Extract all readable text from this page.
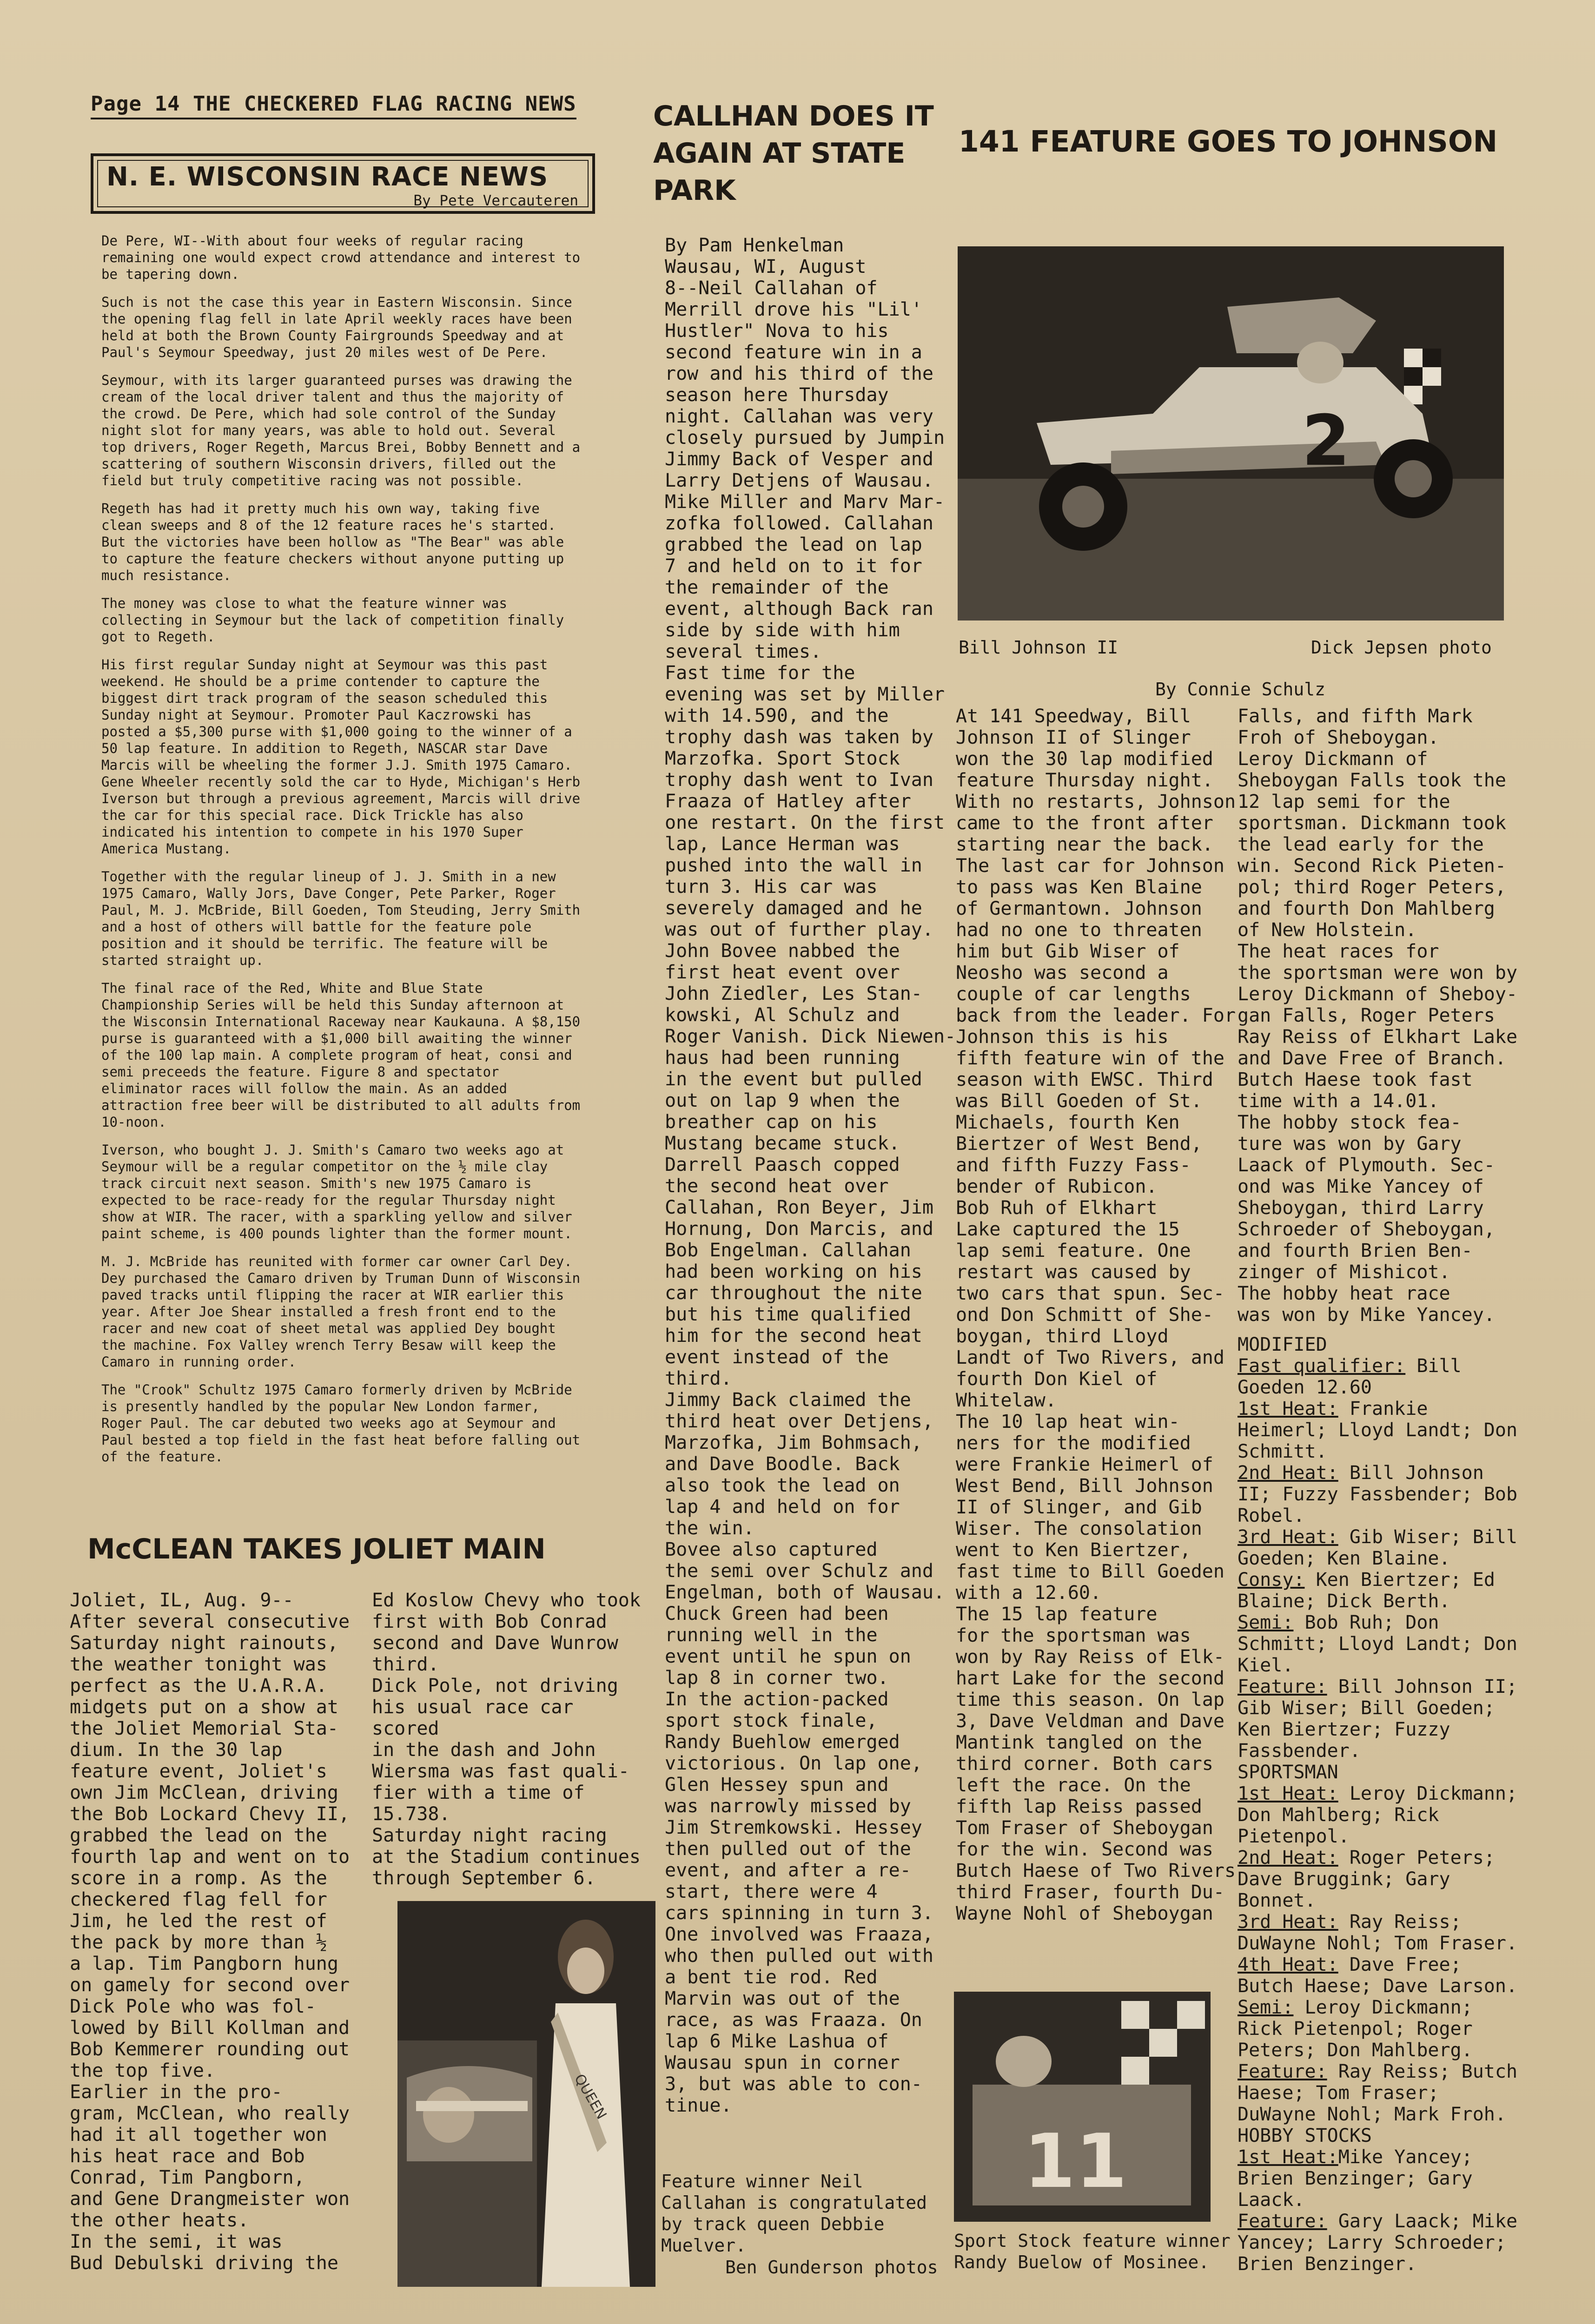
Page 14 THE CHECKERED FLAG RACING NEWS
N. E. WISCONSIN RACE NEWS
By Pete Vercauteren

De Pere, WI--With about four weeks of regular racing remaining one would expect crowd attendance and interest to be tapering down.

Such is not the case this year in Eastern Wisconsin. Since the opening flag fell in late April weekly races have been held at both the Brown County Fairgrounds Speedway and at Paul's Seymour Speedway, just 20 miles west of De Pere.

Seymour, with its larger guaranteed purses was drawing the cream of the local driver talent and thus the majority of the crowd. De Pere, which had sole control of the Sunday night slot for many years, was able to hold out. Several top drivers, Roger Regeth, Marcus Brei, Bobby Bennett and a scattering of southern Wisconsin drivers, filled out the field but truly competitive racing was not possible.

Regeth has had it pretty much his own way, taking five clean sweeps and 8 of the 12 feature races he's started. But the victories have been hollow as "The Bear" was able to capture the feature checkers without anyone putting up much resistance.

The money was close to what the feature winner was collecting in Seymour but the lack of competition finally got to Regeth.

His first regular Sunday night at Seymour was this past weekend. He should be a prime contender to capture the biggest dirt track program of the season scheduled this Sunday night at Seymour. Promoter Paul Kaczrowski has posted a $5,300 purse with $1,000 going to the winner of a 50 lap feature. In addition to Regeth, NASCAR star Dave Marcis will be wheeling the former J.J. Smith 1975 Camaro. Gene Wheeler recently sold the car to Hyde, Michigan's Herb Iverson but through a previous agreement, Marcis will drive the car for this special race. Dick Trickle has also indicated his intention to compete in his 1970 Super America Mustang.

Together with the regular lineup of J. J. Smith in a new 1975 Camaro, Wally Jors, Dave Conger, Pete Parker, Roger Paul, M. J. McBride, Bill Goeden, Tom Steuding, Jerry Smith and a host of others will battle for the feature pole position and it should be terrific. The feature will be started straight up.

The final race of the Red, White and Blue State Championship Series will be held this Sunday afternoon at the Wisconsin International Raceway near Kaukauna. A $8,150 purse is guaranteed with a $1,000 bill awaiting the winner of the 100 lap main. A complete program of heat, consi and semi preceeds the feature. Figure 8 and spectator eliminator races will follow the main. As an added attraction free beer will be distributed to all adults from 10-noon.

Iverson, who bought J. J. Smith's Camaro two weeks ago at Seymour will be a regular competitor on the ½ mile clay track circuit next season. Smith's new 1975 Camaro is expected to be race-ready for the regular Thursday night show at WIR. The racer, with a sparkling yellow and silver paint scheme, is 400 pounds lighter than the former mount.

M. J. McBride has reunited with former car owner Carl Dey. Dey purchased the Camaro driven by Truman Dunn of Wisconsin paved tracks until flipping the racer at WIR earlier this year. After Joe Shear installed a fresh front end to the racer and new coat of sheet metal was applied Dey bought the machine. Fox Valley wrench Terry Besaw will keep the Camaro in running order.

The "Crook" Schultz 1975 Camaro formerly driven by McBride is presently handled by the popular New London farmer, Roger Paul. The car debuted two weeks ago at Seymour and Paul bested a top field in the fast heat before falling out of the feature.

McCLEAN TAKES JOLIET MAIN
Joliet, IL, Aug. 9--
After several consecutive
Saturday night rainouts,
the weather tonight was
perfect as the U.A.R.A.
midgets put on a show at
the Joliet Memorial Sta-
dium. In the 30 lap
feature event, Joliet's
own Jim McClean, driving
the Bob Lockard Chevy II,
grabbed the lead on the
fourth lap and went on to
score in a romp. As the
checkered flag fell for
Jim, he led the rest of
the pack by more than ½
a lap. Tim Pangborn hung
on gamely for second over
Dick Pole who was fol-
lowed by Bill Kollman and
Bob Kemmerer rounding out
the top five.
Earlier in the pro-
gram, McClean, who really
had it all together won
his heat race and Bob
Conrad, Tim Pangborn,
and Gene Drangmeister won
the other heats.
In the semi, it was
Bud Debulski driving the
Ed Koslow Chevy who took
first with Bob Conrad
second and Dave Wunrow
third.
Dick Pole, not driving
his usual race car scored
in the dash and John
Wiersma was fast quali-
fier with a time of
15.738.
Saturday night racing
at the Stadium continues
through September 6.
QUEEN
CALLHAN DOES IT
AGAIN AT STATE
PARK
By Pam Henkelman
Wausau, WI, August
8--Neil Callahan of
Merrill drove his "Lil'
Hustler" Nova to his
second feature win in a
row and his third of the
season here Thursday
night. Callahan was very
closely pursued by Jumpin
Jimmy Back of Vesper and
Larry Detjens of Wausau.
Mike Miller and Marv Mar-
zofka followed. Callahan
grabbed the lead on lap
7 and held on to it for
the remainder of the
event, although Back ran
side by side with him
several times.
Fast time for the
evening was set by Miller
with 14.590, and the
trophy dash was taken by
Marzofka. Sport Stock
trophy dash went to Ivan
Fraaza of Hatley after
one restart. On the first
lap, Lance Herman was
pushed into the wall in
turn 3. His car was
severely damaged and he
was out of further play.
John Bovee nabbed the
first heat event over
John Ziedler, Les Stan-
kowski, Al Schulz and
Roger Vanish. Dick Niewen-
haus had been running
in the event but pulled
out on lap 9 when the
breather cap on his
Mustang became stuck.
Darrell Paasch copped
the second heat over
Callahan, Ron Beyer, Jim
Hornung, Don Marcis, and
Bob Engelman. Callahan
had been working on his
car throughout the nite
but his time qualified
him for the second heat
event instead of the
third.
Jimmy Back claimed the
third heat over Detjens,
Marzofka, Jim Bohmsach,
and Dave Boodle. Back
also took the lead on
lap 4 and held on for
the win.
Bovee also captured
the semi over Schulz and
Engelman, both of Wausau.
Chuck Green had been
running well in the
event until he spun on
lap 8 in corner two.
In the action-packed
sport stock finale,
Randy Buehlow emerged
victorious. On lap one,
Glen Hessey spun and
was narrowly missed by
Jim Stremkowski. Hessey
then pulled out of the
event, and after a re-
start, there were 4
cars spinning in turn 3.
One involved was Fraaza,
who then pulled out with
a bent tie rod. Red
Marvin was out of the
race, as was Fraaza. On
lap 6 Mike Lashua of
Wausau spun in corner
3, but was able to con-
tinue.
Feature winner Neil
Callahan is congratulated
by track queen Debbie
Muelver.
Ben Gunderson photos
141 FEATURE GOES TO JOHNSON
2
Bill Johnson II	Dick Jepsen photo
By Connie Schulz
At 141 Speedway, Bill
Johnson II of Slinger
won the 30 lap modified
feature Thursday night.
With no restarts, Johnson
came to the front after
starting near the back.
The last car for Johnson
to pass was Ken Blaine
of Germantown. Johnson
had no one to threaten
him but Gib Wiser of
Neosho was second a
couple of car lengths
back from the leader. For
Johnson this is his
fifth feature win of the
season with EWSC. Third
was Bill Goeden of St.
Michaels, fourth Ken
Biertzer of West Bend,
and fifth Fuzzy Fass-
bender of Rubicon.
Bob Ruh of Elkhart
Lake captured the 15
lap semi feature. One
restart was caused by
two cars that spun. Sec-
ond Don Schmitt of She-
boygan, third Lloyd
Landt of Two Rivers, and
fourth Don Kiel of
Whitelaw.
The 10 lap heat win-
ners for the modified
were Frankie Heimerl of
West Bend, Bill Johnson
II of Slinger, and Gib
Wiser. The consolation
went to Ken Biertzer,
fast time to Bill Goeden
with a 12.60.
The 15 lap feature
for the sportsman was
won by Ray Reiss of Elk-
hart Lake for the second
time this season. On lap
3, Dave Veldman and Dave
Mantink tangled on the
third corner. Both cars
left the race. On the
fifth lap Reiss passed
Tom Fraser of Sheboygan
for the win. Second was
Butch Haese of Two Rivers
third Fraser, fourth Du-
Wayne Nohl of Sheboygan
Falls, and fifth Mark
Froh of Sheboygan.
Leroy Dickmann of
Sheboygan Falls took the
12 lap semi for the
sportsman. Dickmann took
the lead early for the
win. Second Rick Pieten-
pol; third Roger Peters,
and fourth Don Mahlberg
of New Holstein.
The heat races for
the sportsman were won by
Leroy Dickmann of Sheboy-
gan Falls, Roger Peters
Ray Reiss of Elkhart Lake
and Dave Free of Branch.
Butch Haese took fast
time with a 14.01.
The hobby stock fea-
ture was won by Gary
Laack of Plymouth. Sec-
ond was Mike Yancey of
Sheboygan, third Larry
Schroeder of Sheboygan,
and fourth Brien Ben-
zinger of Mishicot.
The hobby heat race
was won by Mike Yancey.
MODIFIED
Fast qualifier: Bill Goeden 12.60
1st Heat: Frankie Heimerl; Lloyd Landt; Don Schmitt.
2nd Heat: Bill Johnson II; Fuzzy Fassbender; Bob Robel.
3rd Heat: Gib Wiser; Bill Goeden; Ken Blaine.
Consy: Ken Biertzer; Ed Blaine; Dick Berth.
Semi: Bob Ruh; Don Schmitt; Lloyd Landt; Don Kiel.
Feature: Bill Johnson II; Gib Wiser; Bill Goeden; Ken Biertzer; Fuzzy Fassbender.
SPORTSMAN
1st Heat: Leroy Dickmann; Don Mahlberg; Rick Pietenpol.
2nd Heat: Roger Peters; Dave Bruggink; Gary Bonnet.
3rd Heat: Ray Reiss; DuWayne Nohl; Tom Fraser.
4th Heat: Dave Free; Butch Haese; Dave Larson.
Semi: Leroy Dickmann; Rick Pietenpol; Roger Peters; Don Mahlberg.
Feature: Ray Reiss; Butch Haese; Tom Fraser; DuWayne Nohl; Mark Froh.
HOBBY STOCKS
1st Heat:Mike Yancey; Brien Benzinger; Gary Laack.
Feature: Gary Laack; Mike Yancey; Larry Schroeder; Brien Benzinger.
11
Sport Stock feature winner
Randy Buelow of Mosinee.
